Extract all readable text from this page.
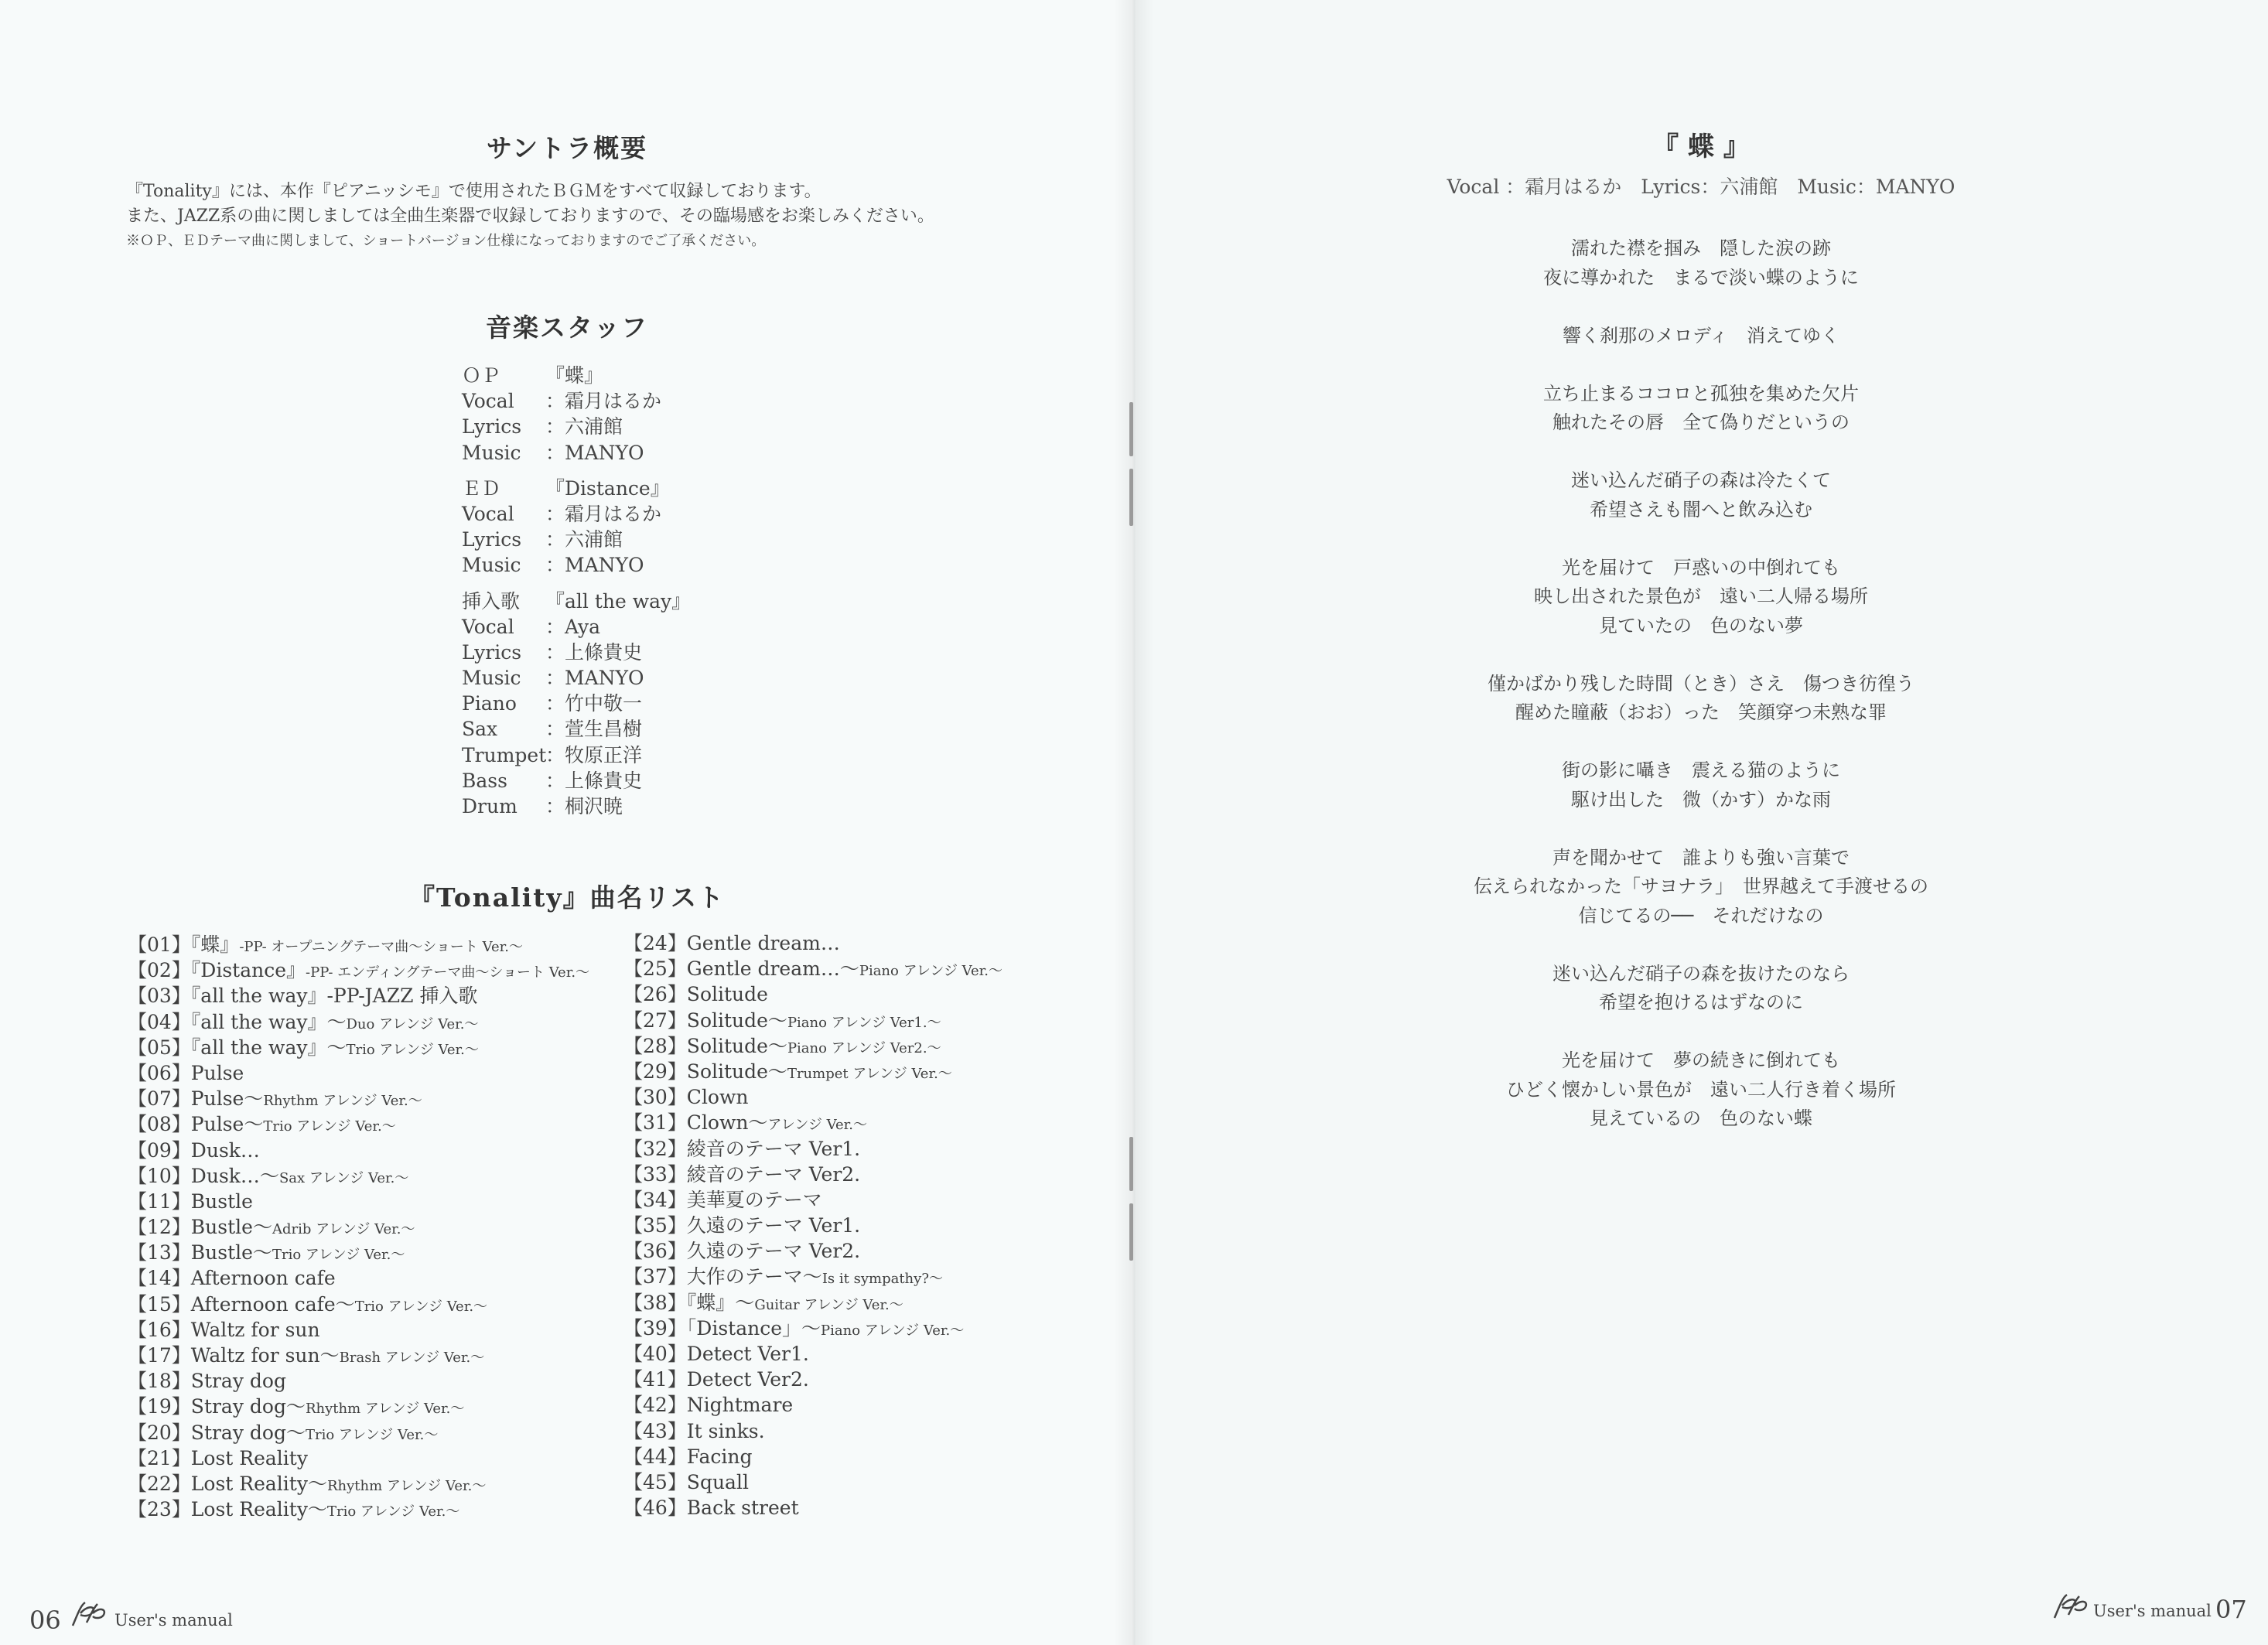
サントラ概要
『Tonality』には、本作『ピアニッシモ』で使用されたＢＧＭをすべて収録しております。
また、JAZZ系の曲に関しましては全曲生楽器で収録しておりますので、その臨場感をお楽しみください。
※ＯＰ、ＥＤテーマ曲に関しまして、ショートバージョン仕様になっておりますのでご了承ください。
音楽スタッフ
ＯＰ 『蝶』
Vocal ：霜月はるか
Lyrics ：六浦館
Music ：MANYO
ＥＤ 『Distance』
Vocal ：霜月はるか
Lyrics ：六浦館
Music ：MANYO
挿入歌 『all the way』
Vocal ：Aya
Lyrics ：上條貴史
Music ：MANYO
Piano ：竹中敬一
Sax ：萱生昌樹
Trumpet：牧原正洋
Bass ：上條貴史
Drum ：桐沢暁
『Tonality』曲名リスト
【01】『蝶』-PP- オープニングテーマ曲～ショート Ver.～
【02】『Distance』-PP- エンディングテーマ曲～ショート Ver.～
【03】『all the way』-PP-JAZZ 挿入歌
【04】『all the way』～Duo アレンジ Ver.～
【05】『all the way』～Trio アレンジ Ver.～
【06】Pulse
【07】Pulse～Rhythm アレンジ Ver.～
【08】Pulse～Trio アレンジ Ver.～
【09】Dusk…
【10】Dusk…～Sax アレンジ Ver.～
【11】Bustle
【12】Bustle～Adrib アレンジ Ver.～
【13】Bustle～Trio アレンジ Ver.～
【14】Afternoon cafe
【15】Afternoon cafe～Trio アレンジ Ver.～
【16】Waltz for sun
【17】Waltz for sun～Brash アレンジ Ver.～
【18】Stray dog
【19】Stray dog～Rhythm アレンジ Ver.～
【20】Stray dog～Trio アレンジ Ver.～
【21】Lost Reality
【22】Lost Reality～Rhythm アレンジ Ver.～
【23】Lost Reality～Trio アレンジ Ver.～
【24】Gentle dream…
【25】Gentle dream…～Piano アレンジ Ver.～
【26】Solitude
【27】Solitude～Piano アレンジ Ver1.～
【28】Solitude～Piano アレンジ Ver2.～
【29】Solitude～Trumpet アレンジ Ver.～
【30】Clown
【31】Clown～アレンジ Ver.～
【32】綾音のテーマ Ver1.
【33】綾音のテーマ Ver2.
【34】美華夏のテーマ
【35】久遠のテーマ Ver1.
【36】久遠のテーマ Ver2.
【37】大作のテーマ～Is it sympathy?～
【38】『蝶』～Guitar アレンジ Ver.～
【39】「Distance」～Piano アレンジ Ver.～
【40】Detect Ver1.
【41】Detect Ver2.
【42】Nightmare
【43】It sinks.
【44】Facing
【45】Squall
【46】Back street
06	User's manual
『 蝶 』
Vocal ：霜月はるか　Lyrics：六浦館　Music：MANYO
濡れた襟を掴み　隠した涙の跡
夜に導かれた　まるで淡い蝶のように
響く刹那のメロディ　消えてゆく
立ち止まるココロと孤独を集めた欠片
触れたその唇　全て偽りだというの
迷い込んだ硝子の森は冷たくて
希望さえも闇へと飲み込む
光を届けて　戸惑いの中倒れても
映し出された景色が　遠い二人帰る場所
見ていたの　色のない夢
僅かばかり残した時間（とき）さえ　傷つき彷徨う
醒めた瞳蔽（おお）った　笑顔穿つ未熟な罪
街の影に囁き　震える猫のように
駆け出した　微（かす）かな雨
声を聞かせて　誰よりも強い言葉で
伝えられなかった「サヨナラ」　世界越えて手渡せるの
信じてるの──　それだけなの
迷い込んだ硝子の森を抜けたのなら
希望を抱けるはずなのに
光を届けて　夢の続きに倒れても
ひどく懐かしい景色が　遠い二人行き着く場所
見えているの　色のない蝶
User's manual 07
